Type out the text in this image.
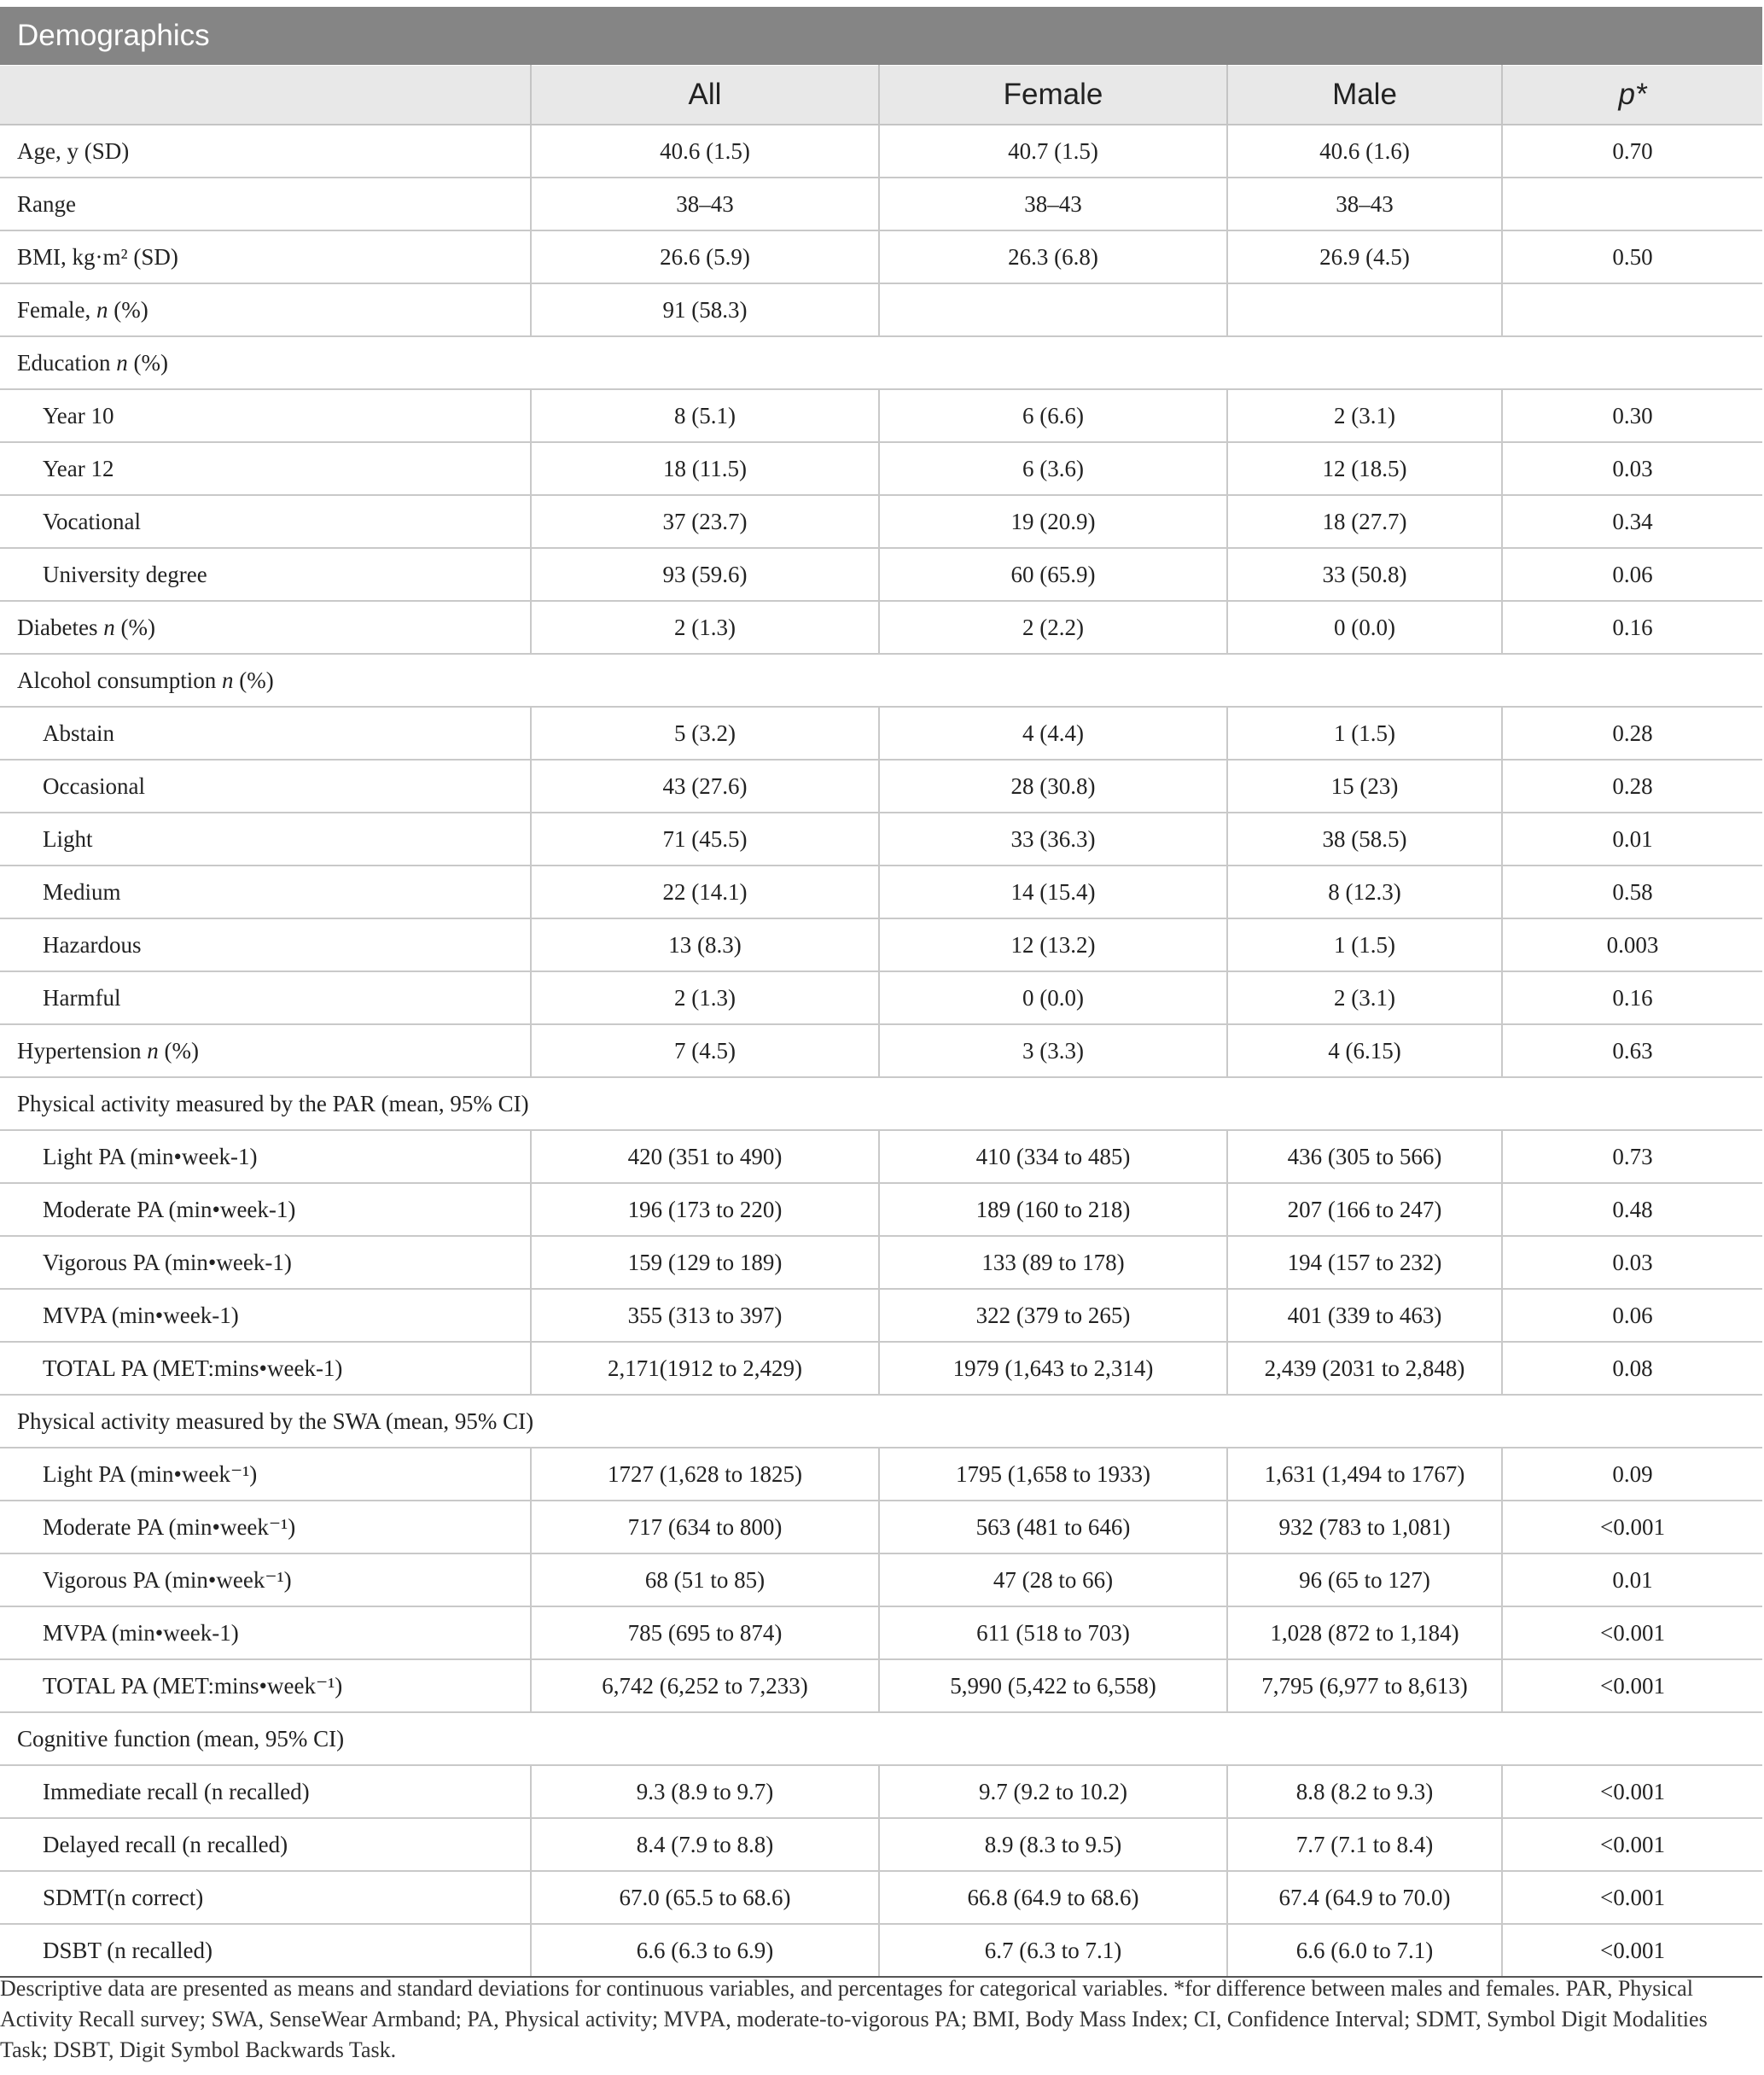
Demographics				
	All	Female	Male	p*
Age, y (SD)	40.6 (1.5)	40.7 (1.5)	40.6 (1.6)	0.70
Range	38–43	38–43	38–43	
BMI, kg·m² (SD)	26.6 (5.9)	26.3 (6.8)	26.9 (4.5)	0.50
Female, n (%)	91 (58.3)			
Education n (%)				
Year 10	8 (5.1)	6 (6.6)	2 (3.1)	0.30
Year 12	18 (11.5)	6 (3.6)	12 (18.5)	0.03
Vocational	37 (23.7)	19 (20.9)	18 (27.7)	0.34
University degree	93 (59.6)	60 (65.9)	33 (50.8)	0.06
Diabetes n (%)	2 (1.3)	2 (2.2)	0 (0.0)	0.16
Alcohol consumption n (%)				
Abstain	5 (3.2)	4 (4.4)	1 (1.5)	0.28
Occasional	43 (27.6)	28 (30.8)	15 (23)	0.28
Light	71 (45.5)	33 (36.3)	38 (58.5)	0.01
Medium	22 (14.1)	14 (15.4)	8 (12.3)	0.58
Hazardous	13 (8.3)	12 (13.2)	1 (1.5)	0.003
Harmful	2 (1.3)	0 (0.0)	2 (3.1)	0.16
Hypertension n (%)	7 (4.5)	3 (3.3)	4 (6.15)	0.63
Physical activity measured by the PAR (mean, 95% CI)				
Light PA (min•week-1)	420 (351 to 490)	410 (334 to 485)	436 (305 to 566)	0.73
Moderate PA (min•week-1)	196 (173 to 220)	189 (160 to 218)	207 (166 to 247)	0.48
Vigorous PA (min•week-1)	159 (129 to 189)	133 (89 to 178)	194 (157 to 232)	0.03
MVPA (min•week-1)	355 (313 to 397)	322 (379 to 265)	401 (339 to 463)	0.06
TOTAL PA (MET:mins•week-1)	2,171(1912 to 2,429)	1979 (1,643 to 2,314)	2,439 (2031 to 2,848)	0.08
Physical activity measured by the SWA (mean, 95% CI)				
Light PA (min•week⁻¹)	1727 (1,628 to 1825)	1795 (1,658 to 1933)	1,631 (1,494 to 1767)	0.09
Moderate PA (min•week⁻¹)	717 (634 to 800)	563 (481 to 646)	932 (783 to 1,081)	<0.001
Vigorous PA (min•week⁻¹)	68 (51 to 85)	47 (28 to 66)	96 (65 to 127)	0.01
MVPA (min•week-1)	785 (695 to 874)	611 (518 to 703)	1,028 (872 to 1,184)	<0.001
TOTAL PA (MET:mins•week⁻¹)	6,742 (6,252 to 7,233)	5,990 (5,422 to 6,558)	7,795 (6,977 to 8,613)	<0.001
Cognitive function (mean, 95% CI)				
Immediate recall (n recalled)	9.3 (8.9 to 9.7)	9.7 (9.2 to 10.2)	8.8 (8.2 to 9.3)	<0.001
Delayed recall (n recalled)	8.4 (7.9 to 8.8)	8.9 (8.3 to 9.5)	7.7 (7.1 to 8.4)	<0.001
SDMT(n correct)	67.0 (65.5 to 68.6)	66.8 (64.9 to 68.6)	67.4 (64.9 to 70.0)	<0.001
DSBT (n recalled)	6.6 (6.3 to 6.9)	6.7 (6.3 to 7.1)	6.6 (6.0 to 7.1)	<0.001
Descriptive data are presented as means and standard deviations for continuous variables, and percentages for categorical variables. *for difference between males and females. PAR, Physical Activity Recall survey; SWA, SenseWear Armband; PA, Physical activity; MVPA, moderate-to-vigorous PA; BMI, Body Mass Index; CI, Confidence Interval; SDMT, Symbol Digit Modalities Task; DSBT, Digit Symbol Backwards Task.
